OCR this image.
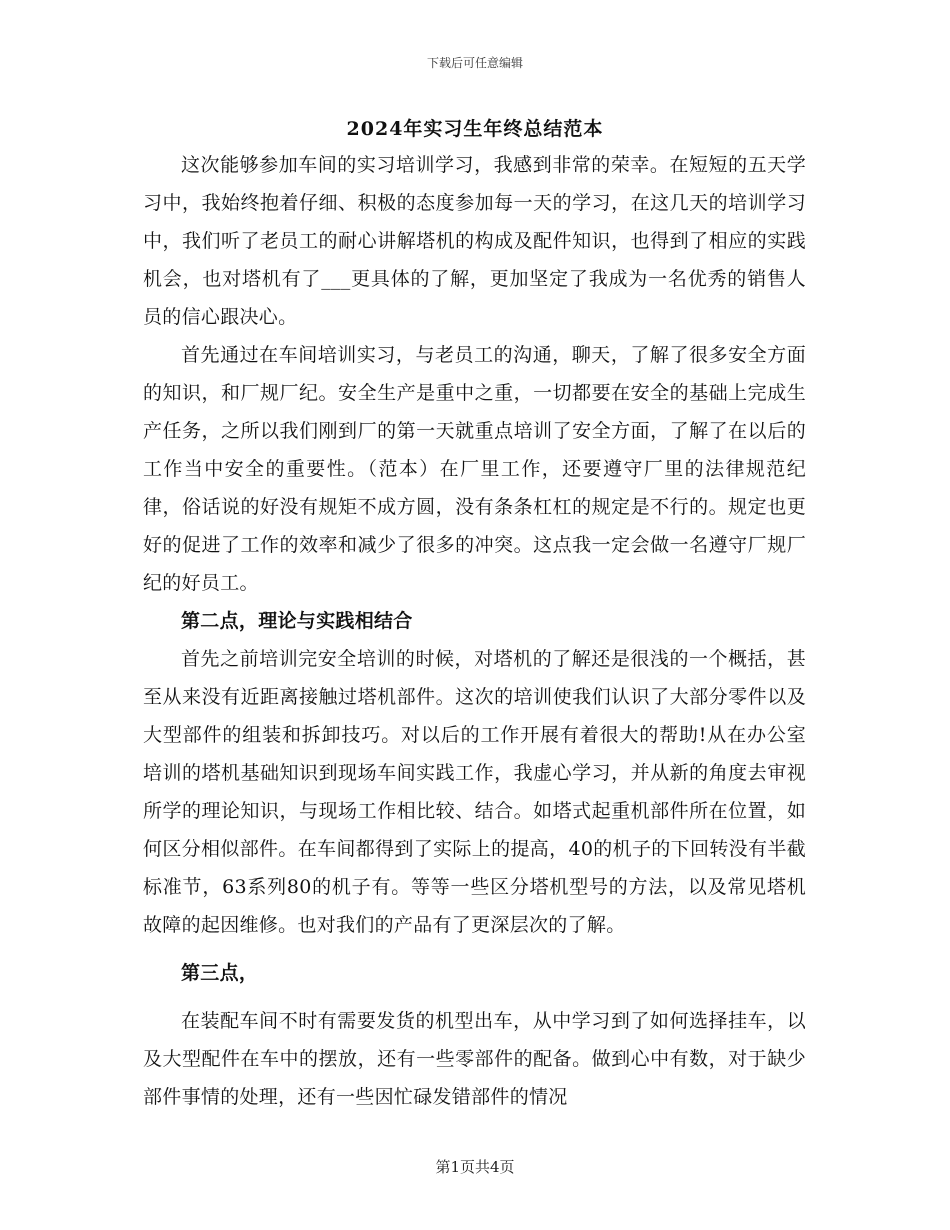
下载后可任意编辑
2024年实习生年终总结范本

这次能够参加车间的实习培训学习，我感到非常的荣幸。在短短的五天学习中，我始终抱着仔细、积极的态度参加每一天的学习，在这几天的培训学习中，我们听了老员工的耐心讲解塔机的构成及配件知识，也得到了相应的实践机会，也对塔机有了___更具体的了解，更加坚定了我成为一名优秀的销售人员的信心跟决心。

首先通过在车间培训实习，与老员工的沟通，聊天，了解了很多安全方面的知识，和厂规厂纪。安全生产是重中之重，一切都要在安全的基础上完成生产任务，之所以我们刚到厂的第一天就重点培训了安全方面，了解了在以后的工作当中安全的重要性。（范本）在厂里工作，还要遵守厂里的法律规范纪律，俗话说的好没有规矩不成方圆，没有条条杠杠的规定是不行的。规定也更好的促进了工作的效率和减少了很多的冲突。这点我一定会做一名遵守厂规厂纪的好员工。

第二点，理论与实践相结合

首先之前培训完安全培训的时候，对塔机的了解还是很浅的一个概括，甚至从来没有近距离接触过塔机部件。这次的培训使我们认识了大部分零件以及大型部件的组装和拆卸技巧。对以后的工作开展有着很大的帮助!从在办公室培训的塔机基础知识到现场车间实践工作，我虚心学习，并从新的角度去审视所学的理论知识，与现场工作相比较、结合。如塔式起重机部件所在位置，如何区分相似部件。在车间都得到了实际上的提高，40的机子的下回转没有半截标准节，63系列80的机子有。等等一些区分塔机型号的方法，以及常见塔机故障的起因维修。也对我们的产品有了更深层次的了解。

第三点，

在装配车间不时有需要发货的机型出车，从中学习到了如何选择挂车，以及大型配件在车中的摆放，还有一些零部件的配备。做到心中有数，对于缺少部件事情的处理，还有一些因忙碌发错部件的情况

第1页共4页
